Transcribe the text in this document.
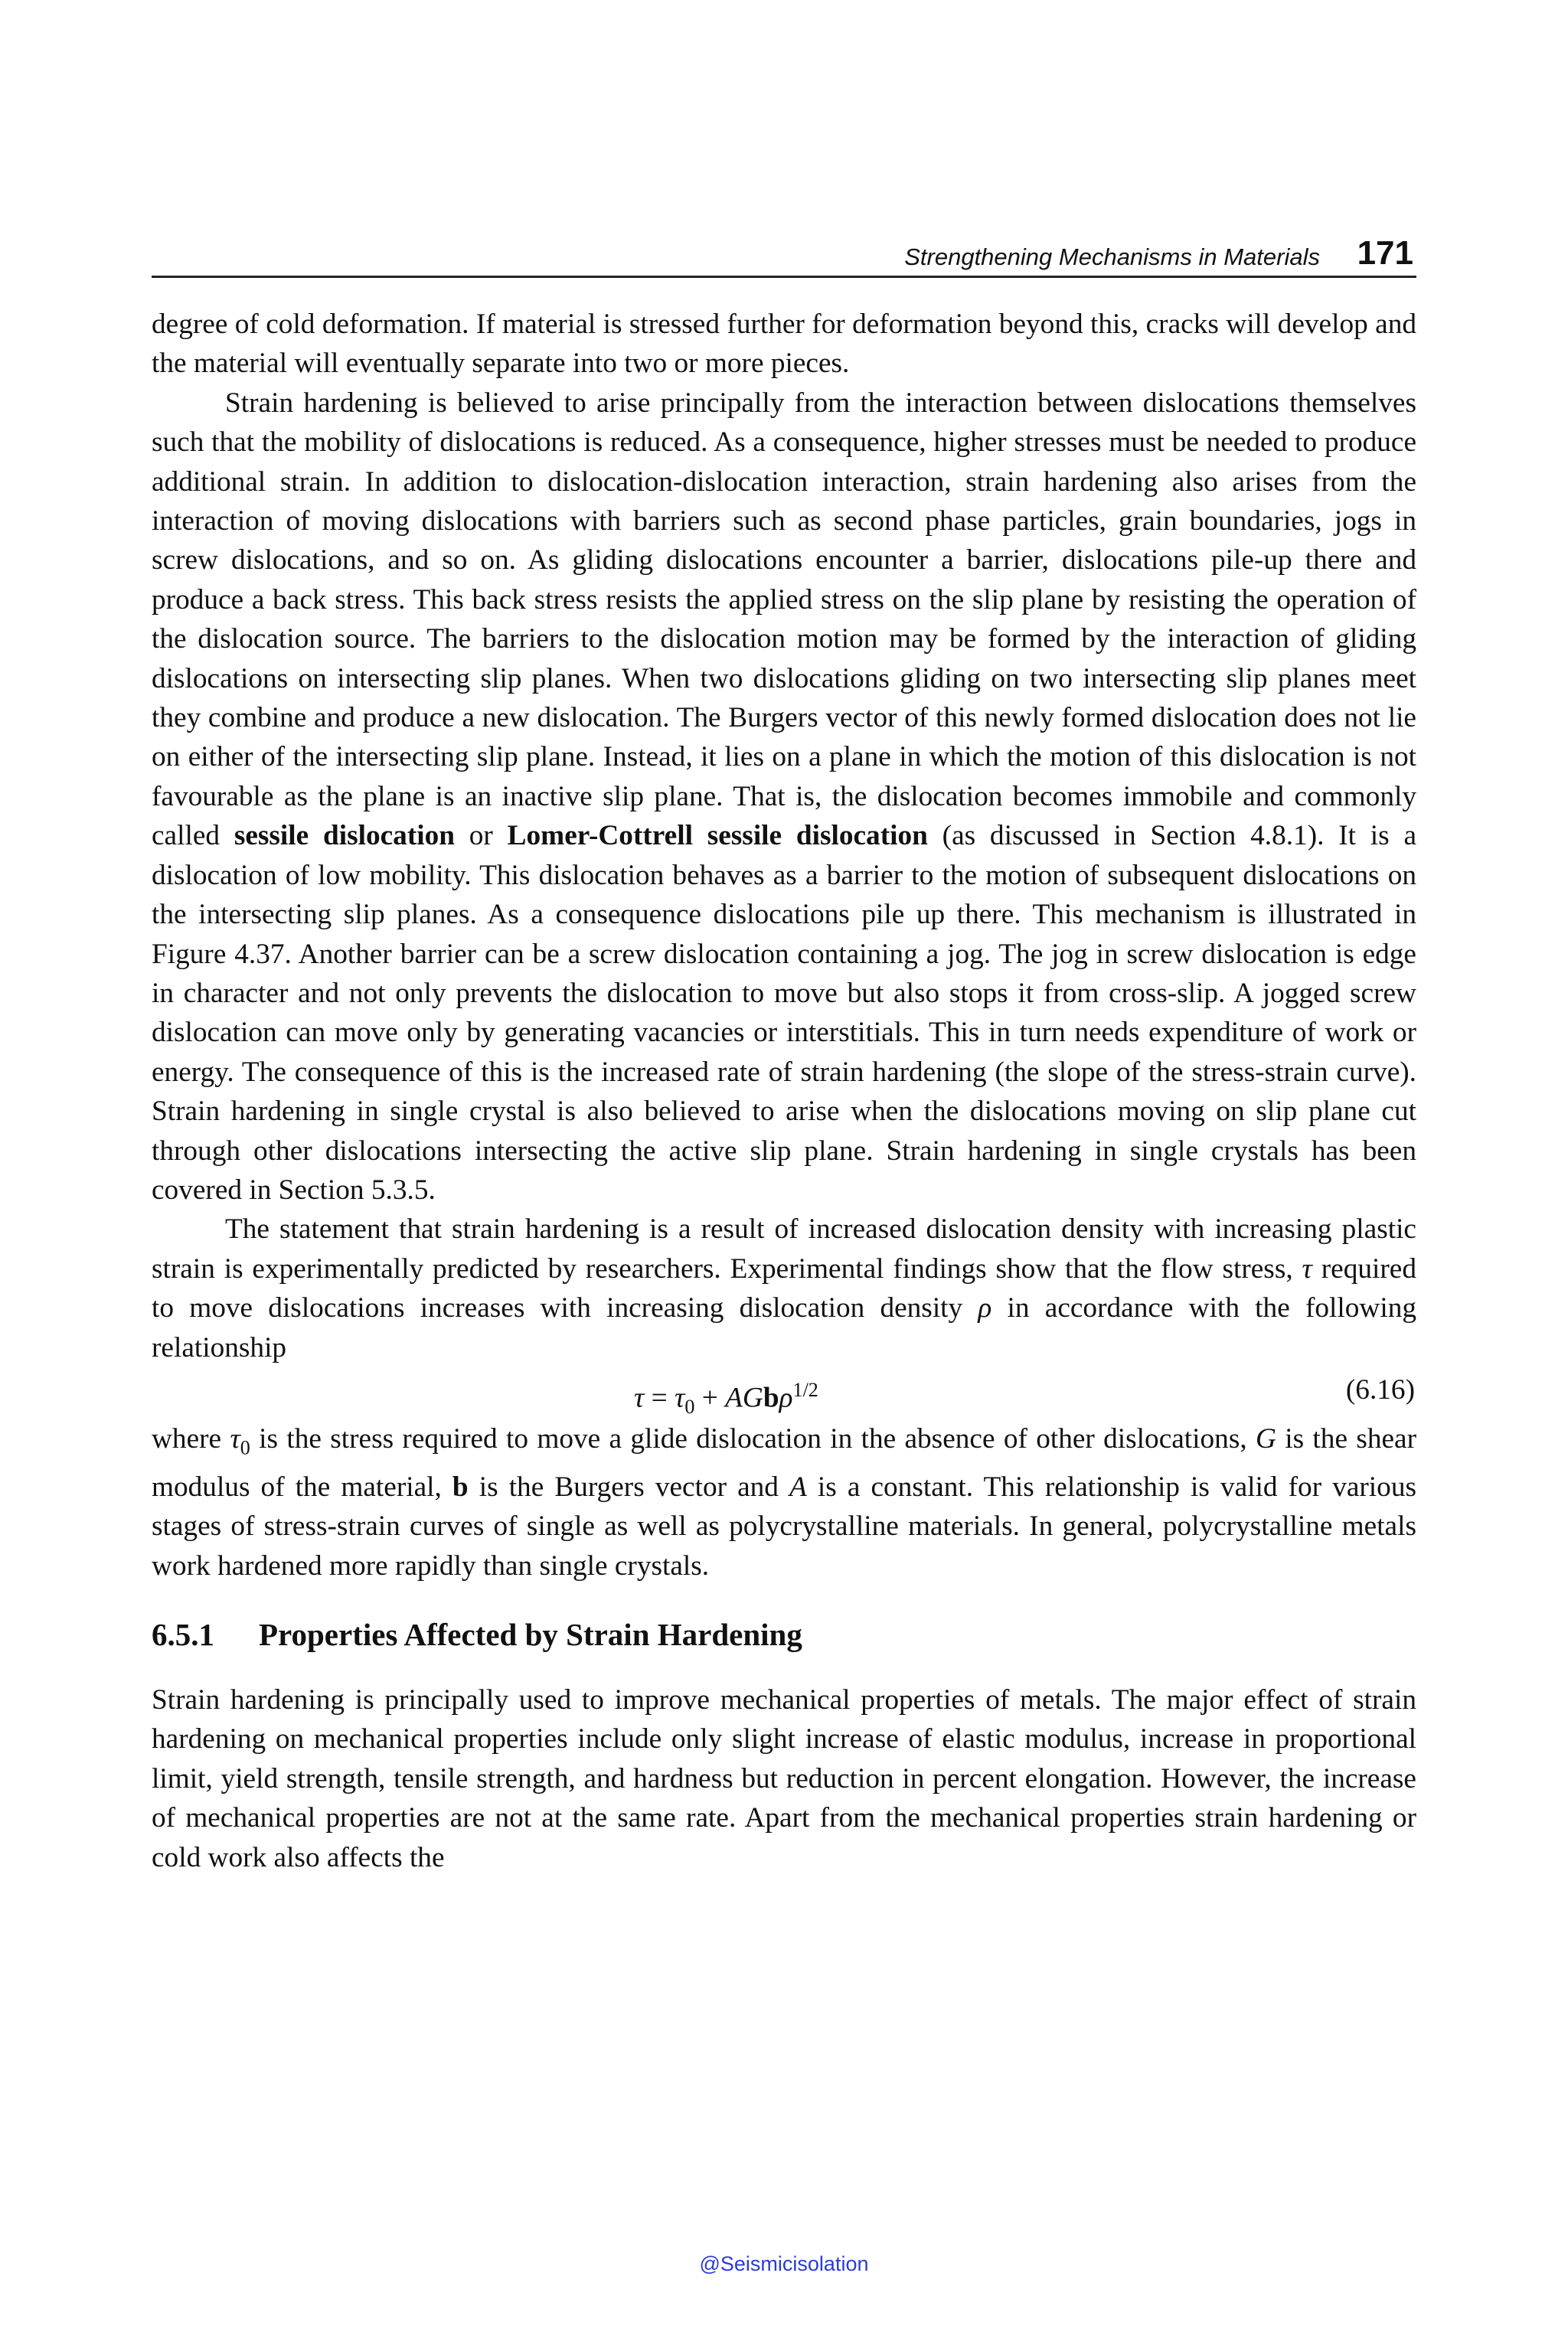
Strengthening Mechanisms in Materials 171

degree of cold deformation. If material is stressed further for deformation beyond this, cracks will develop and the material will eventually separate into two or more pieces.

Strain hardening is believed to arise principally from the interaction between dislocations themselves such that the mobility of dislocations is reduced. As a consequence, higher stresses must be needed to produce additional strain. In addition to dislocation-dislocation interaction, strain hardening also arises from the interaction of moving dislocations with barriers such as second phase particles, grain boundaries, jogs in screw dislocations, and so on. As gliding dislocations encounter a barrier, dislocations pile-up there and produce a back stress. This back stress resists the applied stress on the slip plane by resisting the operation of the dislocation source. The barriers to the dislocation motion may be formed by the interaction of gliding dislocations on intersecting slip planes. When two dislocations gliding on two intersecting slip planes meet they combine and produce a new dislocation. The Burgers vector of this newly formed dislocation does not lie on either of the intersecting slip plane. Instead, it lies on a plane in which the motion of this dislocation is not favourable as the plane is an inactive slip plane. That is, the dislocation becomes immobile and commonly called sessile dislocation or Lomer-Cottrell sessile dislocation (as discussed in Section 4.8.1). It is a dislocation of low mobility. This dislocation behaves as a barrier to the motion of subsequent dislocations on the intersecting slip planes. As a consequence dislocations pile up there. This mechanism is illustrated in Figure 4.37. Another barrier can be a screw dislocation containing a jog. The jog in screw dislocation is edge in character and not only prevents the dislocation to move but also stops it from cross-slip. A jogged screw dislocation can move only by generating vacancies or interstitials. This in turn needs expenditure of work or energy. The consequence of this is the increased rate of strain hardening (the slope of the stress-strain curve). Strain hardening in single crystal is also believed to arise when the dislocations moving on slip plane cut through other dislocations intersecting the active slip plane. Strain hardening in single crystals has been covered in Section 5.3.5.

The statement that strain hardening is a result of increased dislocation density with increasing plastic strain is experimentally predicted by researchers. Experimental findings show that the flow stress, τ required to move dislocations increases with increasing dislocation density ρ in accordance with the following relationship

$\tau = \tau_0 + AGb\rho^{1/2}$	(6.16)

where $\tau_0$ is the stress required to move a glide dislocation in the absence of other dislocations, G is the shear modulus of the material, b is the Burgers vector and A is a constant. This relationship is valid for various stages of stress-strain curves of single as well as polycrystalline materials. In general, polycrystalline metals work hardened more rapidly than single crystals.

6.5.1 Properties Affected by Strain Hardening

Strain hardening is principally used to improve mechanical properties of metals. The major effect of strain hardening on mechanical properties include only slight increase of elastic modulus, increase in proportional limit, yield strength, tensile strength, and hardness but reduction in percent elongation. However, the increase of mechanical properties are not at the same rate. Apart from the mechanical properties strain hardening or cold work also affects the

@Seismicisolation
